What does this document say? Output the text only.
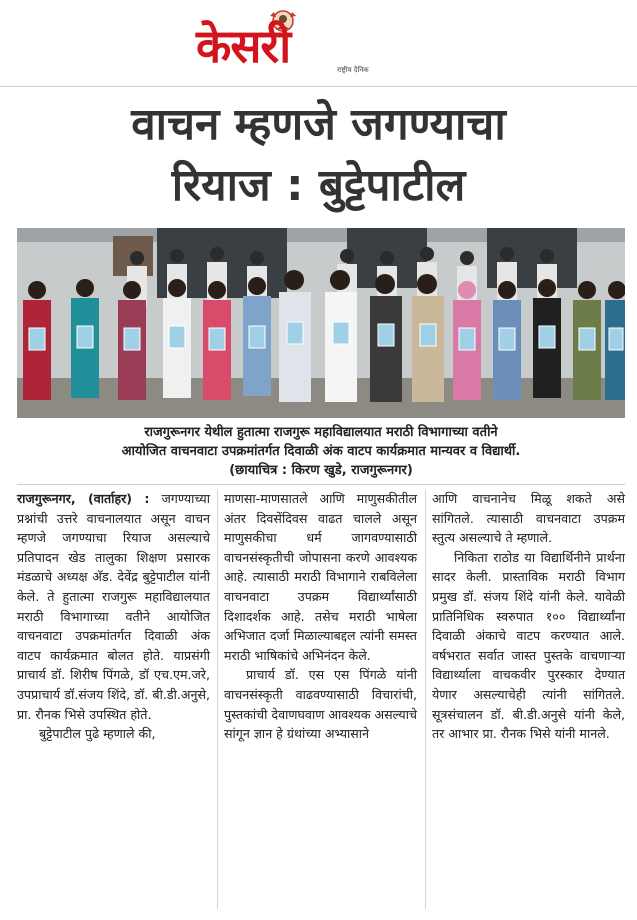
केसरी	राष्ट्रीय दैनिक
वाचन म्हणजे जगण्याचा
रियाज : बुट्टेपाटील
राजगुरूनगर येथील हुतात्मा राजगुरू महाविद्यालयात मराठी विभागाच्या वतीने
आयोजित वाचनवाटा उपक्रमांतर्गत दिवाळी अंक वाटप कार्यक्रमात मान्यवर व विद्यार्थी.
(छायाचित्र : किरण खुडे, राजगुरूनगर)

राजगुरूनगर, (वार्ताहर) : जगण्याच्या प्रश्नांची उत्तरे वाचनालयात असून वाचन म्हणजे जगण्याचा रियाज असल्याचे प्रतिपादन खेड तालुका शिक्षण प्रसारक मंडळाचे अध्यक्ष अ‍ॅड. देवेंद्र बुट्टेपाटील यांनी केले. ते हुतात्मा राजगुरू महाविद्यालयात मराठी विभागाच्या वतीने आयोजित वाचनवाटा उपक्रमांतर्गत दिवाळी अंक वाटप कार्यक्रमात बोलत होते. याप्रसंगी प्राचार्य डॉ. शिरीष पिंगळे, डॉ एच.एम.जरे, उपप्राचार्य डॉ.संजय शिंदे, डॉ. बी.डी.अनुसे, प्रा. रौनक भिसे उपस्थित होते.

बुट्टेपाटील पुढे म्हणाले की,

माणसा-माणसातले आणि माणुसकीतील अंतर दिवसेंदिवस वाढत चालले असून माणुसकीचा धर्म जागवण्यासाठी वाचनसंस्कृतीची जोपासना करणे आवश्यक आहे. त्यासाठी मराठी विभागाने राबविलेला वाचनवाटा उपक्रम विद्यार्थ्यांसाठी दिशादर्शक आहे. तसेच मराठी भाषेला अभिजात दर्जा मिळाल्याबद्दल त्यांनी समस्त मराठी भाषिकांचे अभिनंदन केले.

प्राचार्य डॉ. एस एस पिंगळे यांनी वाचनसंस्कृती वाढवण्यासाठी विचारांची, पुस्तकांची देवाणघवाण आवश्यक असल्याचे सांगून ज्ञान हे ग्रंथांच्या अभ्यासाने

आणि वाचनानेच मिळू शकते असे सांगितले. त्यासाठी वाचनवाटा उपक्रम स्तुत्य असल्याचे ते म्हणाले.

निकिता राठोड या विद्यार्थिनीने प्रार्थना सादर केली. प्रास्ताविक मराठी विभाग प्रमुख डॉ. संजय शिंदे यांनी केले. यावेळी प्रातिनिधिक स्वरुपात १०० विद्यार्थ्यांना दिवाळी अंकाचे वाटप करण्यात आले. वर्षभरात सर्वात जास्त पुस्तके वाचणाऱ्या विद्यार्थ्याला वाचकवीर पुरस्कार देण्यात येणार असल्याचेही त्यांनी सांगितले. सूत्रसंचालन डॉ. बी.डी.अनुसे यांनी केले, तर आभार प्रा. रौनक भिसे यांनी मानले.
